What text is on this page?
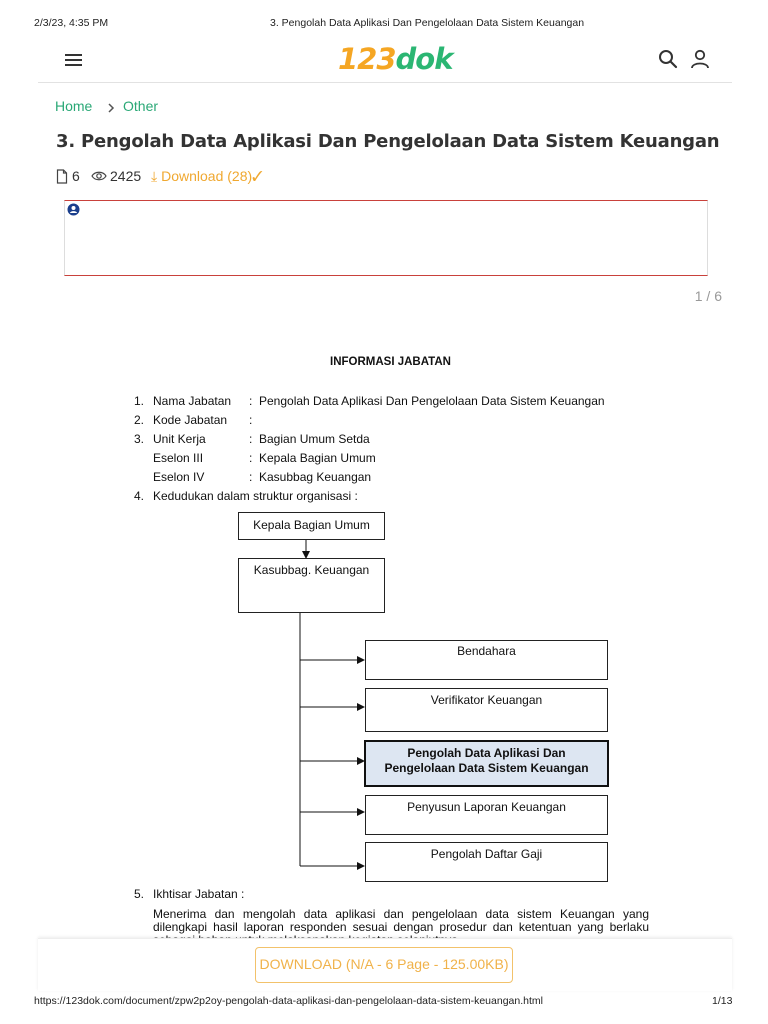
2/3/23, 4:35 PM	3. Pengolah Data Aplikasi Dan Pengelolaan Data Sistem Keuangan
123dok
Home Other
3. Pengolah Data Aplikasi Dan Pengelolaan Data Sistem Keuangan
6 2425 ⤓ Download (28)✓
1 / 6
INFORMASI JABATAN
1. Nama Jabatan : Pengolah Data Aplikasi Dan Pengelolaan Data Sistem Keuangan
2. Kode Jabatan :
3. Unit Kerja	: Bagian Umum Setda
Eselon III	: Kepala Bagian Umum
Eselon IV	: Kasubbag Keuangan
4. Kedudukan dalam struktur organisasi :
Kepala Bagian Umum
Kasubbag. Keuangan
Bendahara
Verifikator Keuangan
Pengolah Data Aplikasi Dan
Pengelolaan Data Sistem Keuangan
Penyusun Laporan Keuangan
Pengolah Daftar Gaji
5. Ikhtisar Jabatan :
Menerima dan mengolah data aplikasi dan pengelolaan data sistem Keuangan yang
dilengkapi hasil laporan responden sesuai dengan prosedur dan ketentuan yang berlaku
DOWNLOAD (N/A - 6 Page - 125.00KB)
https://123dok.com/document/zpw2p2oy-pengolah-data-aplikasi-dan-pengelolaan-data-sistem-keuangan.html	1/13
